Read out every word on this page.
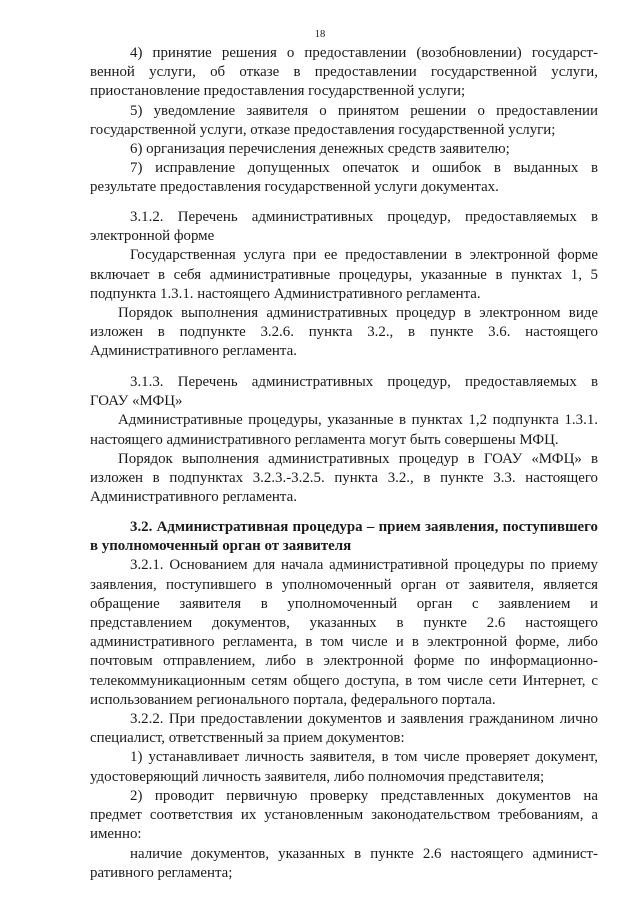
18
4) принятие решения о предоставлении (возобновлении) государст-
венной услуги, об отказе в предоставлении государственной услуги,
приостановление предоставления государственной услуги;
5) уведомление заявителя о принятом решении о предоставлении
государственной услуги, отказе предоставления государственной услуги;
6) организация перечисления денежных средств заявителю;
7) исправление допущенных опечаток и ошибок в выданных в
результате предоставления государственной услуги документах.
3.1.2. Перечень административных процедур, предоставляемых в
электронной форме
Государственная услуга при ее предоставлении в электронной форме
включает в себя административные процедуры, указанные в пунктах 1, 5
подпункта 1.3.1. настоящего Административного регламента.
Порядок выполнения административных процедур в электронном виде
изложен в подпункте 3.2.6. пункта 3.2., в пункте 3.6. настоящего
Административного регламента.
3.1.3. Перечень административных процедур, предоставляемых в
ГОАУ «МФЦ»
Административные процедуры, указанные в пунктах 1,2 подпункта 1.3.1.
настоящего административного регламента могут быть совершены МФЦ.
Порядок выполнения административных процедур в ГОАУ «МФЦ» в
изложен в подпунктах 3.2.3.-3.2.5. пункта 3.2., в пункте 3.3. настоящего
Административного регламента.
3.2. Административная процедура – прием заявления, поступившего
в уполномоченный орган от заявителя
3.2.1. Основанием для начала административной процедуры по приему
заявления, поступившего в уполномоченный орган от заявителя, является
обращение заявителя в уполномоченный орган с заявлением и
представлением документов, указанных в пункте 2.6 настоящего
административного регламента, в том числе и в электронной форме, либо
почтовым отправлением, либо в электронной форме по информационно-
телекоммуникационным сетям общего доступа, в том числе сети Интернет, с
использованием регионального портала, федерального портала.
3.2.2. При предоставлении документов и заявления гражданином лично
специалист, ответственный за прием документов:
1) устанавливает личность заявителя, в том числе проверяет документ,
удостоверяющий личность заявителя, либо полномочия представителя;
2) проводит первичную проверку представленных документов на
предмет соответствия их установленным законодательством требованиям, а
именно:
наличие документов, указанных в пункте 2.6 настоящего админист-
ративного регламента;
